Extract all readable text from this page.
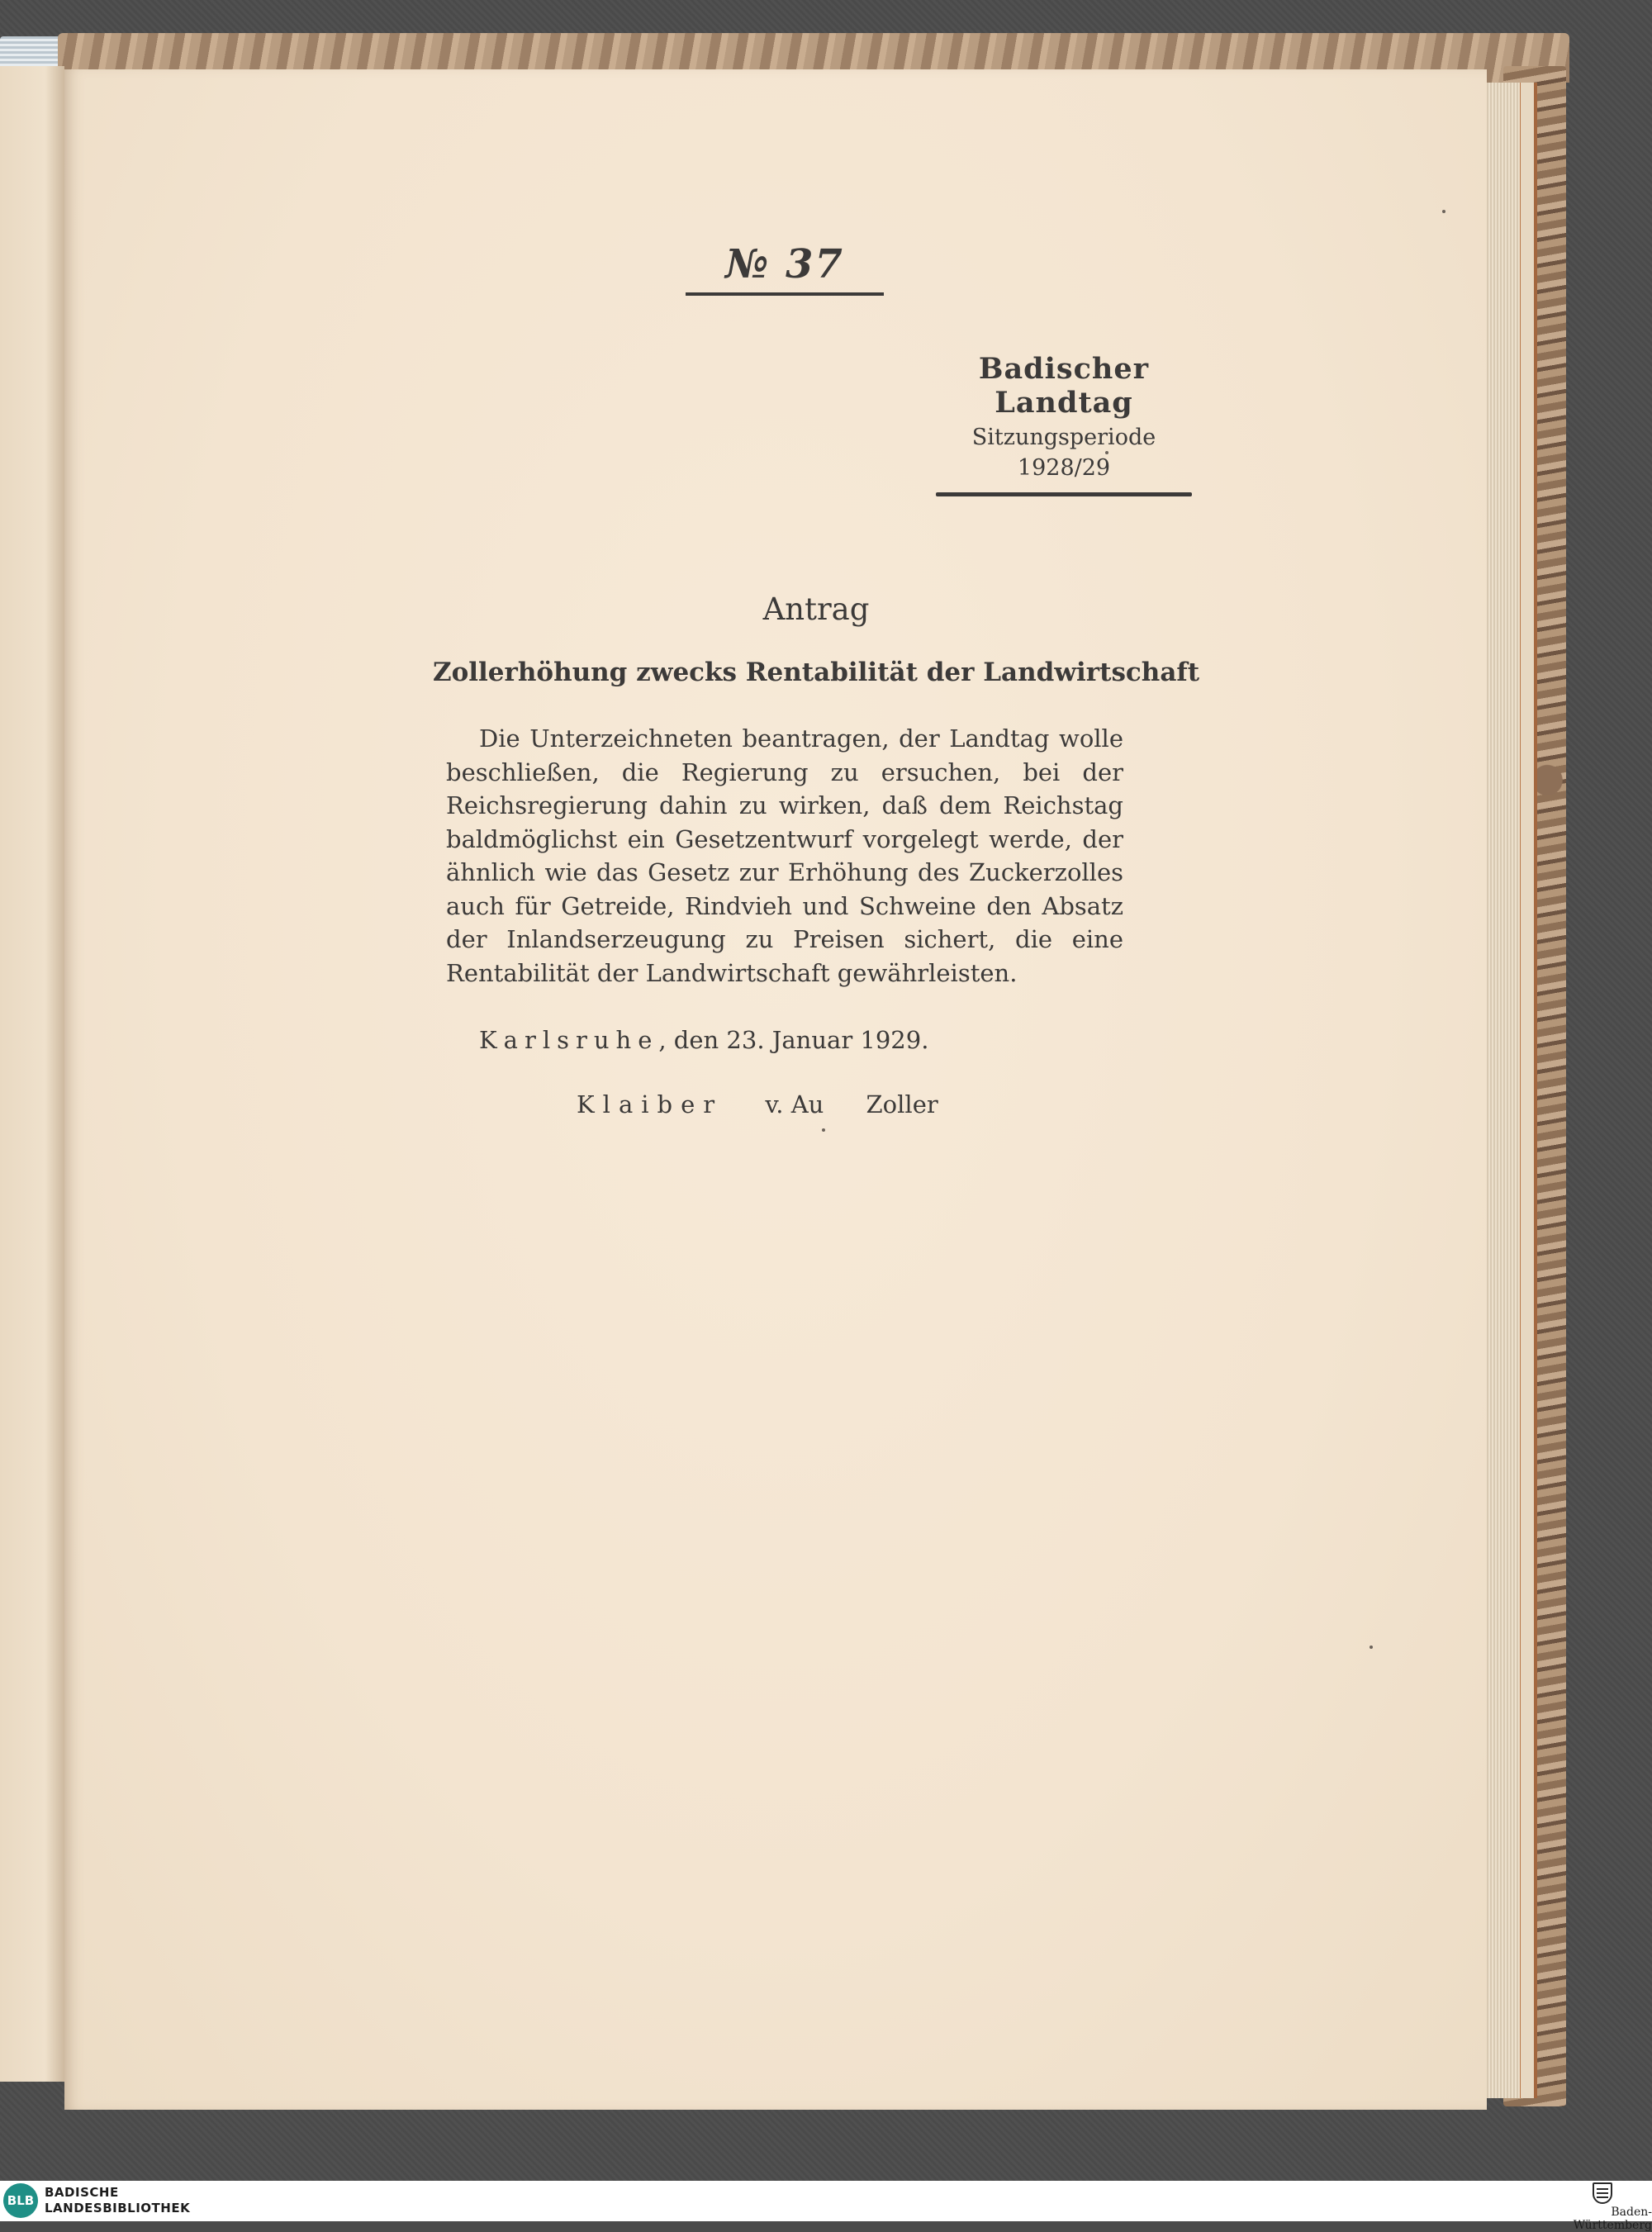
№ 37
Badischer Landtag
Sitzungsperiode
1928/29
Antrag
Zollerhöhung zwecks Rentabilität der Landwirtschaft

Die Unterzeichneten beantragen, der Landtag wolle beschließen, die Regierung zu ersuchen, bei der Reichsregierung dahin zu wirken, daß dem Reichstag baldmöglichst ein Gesetzentwurf vorgelegt werde, der ähnlich wie das Gesetz zur Erhöhung des Zuckerzolles auch für Getreide, Rindvieh und Schweine den Absatz der Inlandserzeugung zu Preisen sichert, die eine Rentabilität der Landwirtschaft gewährleisten.

Karlsruhe, den 23. Januar 1929.
Klaiber v. Au Zoller
BLB
BADISCHE
LANDESBIBLIOTHEK	Baden-Württemberg
